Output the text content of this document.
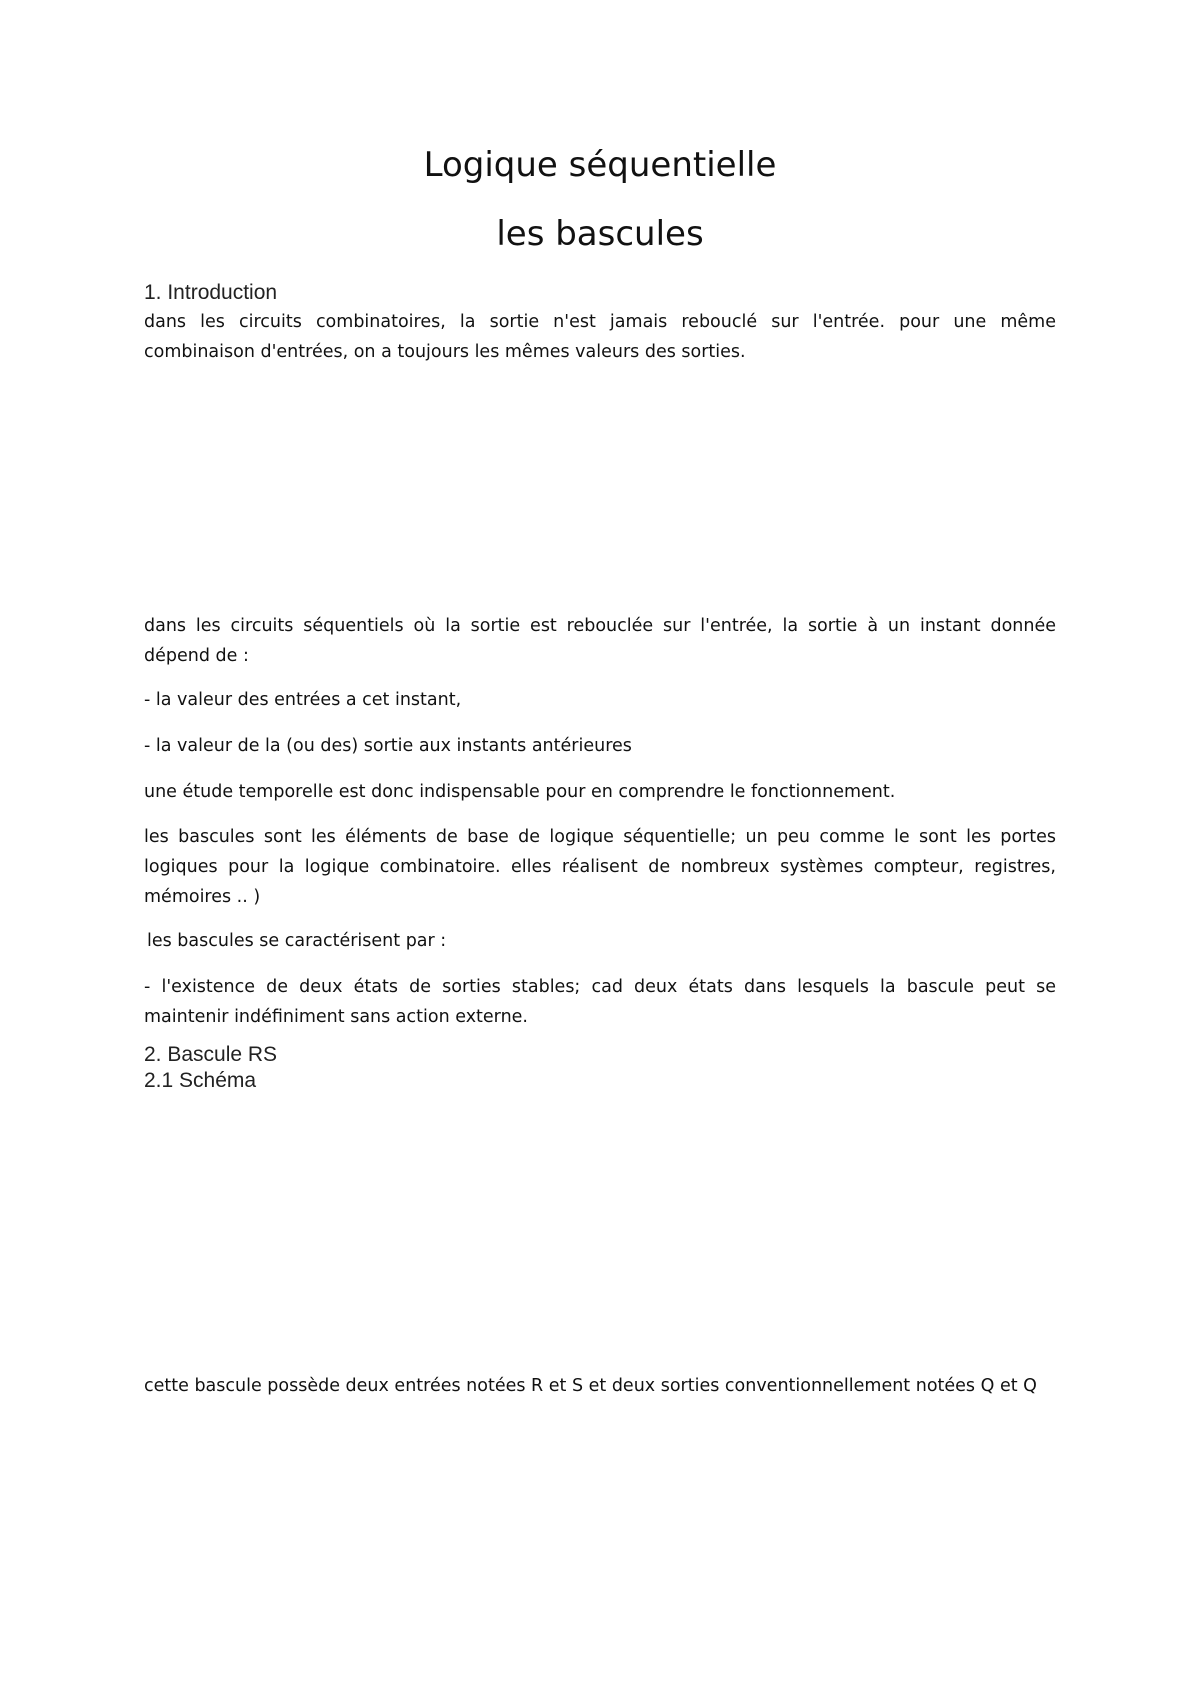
Logique séquentielle
les bascules
1. Introduction

dans les circuits combinatoires, la sortie n'est jamais rebouclé sur l'entrée. pour une même combinaison d'entrées, on a toujours les mêmes valeurs des sorties.

dans les circuits séquentiels où la sortie est rebouclée sur l'entrée, la sortie à un instant donnée dépend de :

- la valeur des entrées a cet instant,

- la valeur de la (ou des) sortie aux instants antérieures

une étude temporelle est donc indispensable pour en comprendre le fonctionnement.

les bascules sont les éléments de base de logique séquentielle; un peu comme le sont les portes logiques pour la logique combinatoire. elles réalisent de nombreux systèmes compteur, registres, mémoires .. )

les bascules se caractérisent par :

- l'existence de deux états de sorties stables; cad deux états dans lesquels la bascule peut se maintenir indéfiniment sans action externe.

2. Bascule RS
2.1 Schéma

cette bascule possède deux entrées notées R et S et deux sorties conventionnellement notées Q et Q
